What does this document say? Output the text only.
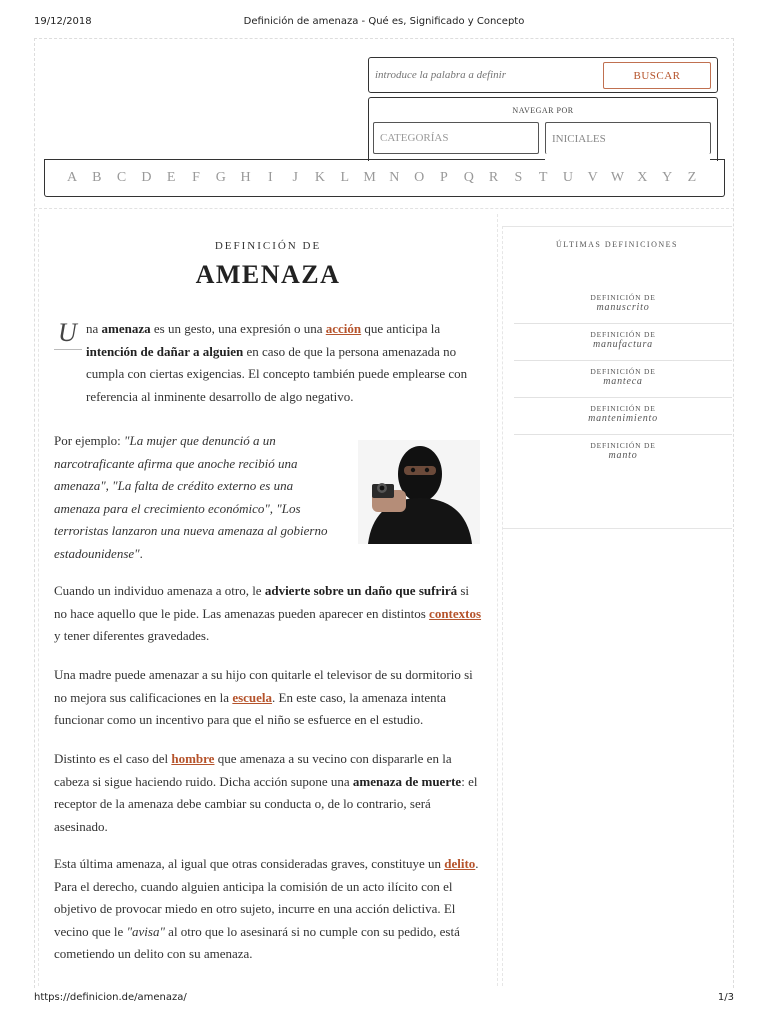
19/12/2018	Definición de amenaza - Qué es, Significado y Concepto
https://definicion.de/amenaza/	1/3
introduce la palabra a definir
BUSCAR
NAVEGAR POR
CATEGORÍAS	INICIALES
A	B	C	D	E	F	G	H	I	J	K	L	M N	O	P	Q	R	S	T	U	V W X	Y	Z
DEFINICIÓN DE
AMENAZA
U na amenaza es un gesto, una expresión o una acción que anticipa la
intención de dañar a alguien en caso de que la persona amenazada no cumpla con ciertas exigencias. El concepto también puede emplearse con referencia al inminente desarrollo de algo negativo.
Por ejemplo: "La mujer que denunció a un narcotraficante afirma que anoche recibió una amenaza", "La falta de crédito externo es una amenaza para el crecimiento económico", "Los terroristas lanzaron una nueva amenaza al gobierno estadounidense".
Cuando un individuo amenaza a otro, le advierte sobre un daño que sufrirá si no hace aquello que le pide. Las amenazas pueden aparecer en distintos contextos y tener diferentes gravedades.
Una madre puede amenazar a su hijo con quitarle el televisor de su dormitorio si no mejora sus calificaciones en la escuela. En este caso, la amenaza intenta funcionar como un incentivo para que el niño se esfuerce en el estudio.
Distinto es el caso del hombre que amenaza a su vecino con dispararle en la cabeza si sigue haciendo ruido. Dicha acción supone una amenaza de muerte: el receptor de la amenaza debe cambiar su conducta o, de lo contrario, será asesinado.
Esta última amenaza, al igual que otras consideradas graves, constituye un delito. Para el derecho, cuando alguien anticipa la comisión de un acto ilícito con el objetivo de provocar miedo en otro sujeto, incurre en una acción delictiva. El vecino que le "avisa" al otro que lo asesinará si no cumple con su pedido, está cometiendo un delito con su amenaza.
ÚLTIMAS DEFINICIONES
DEFINICIÓN DE
manuscrito
DEFINICIÓN DE
manufactura
DEFINICIÓN DE
manteca
DEFINICIÓN DE
mantenimiento
DEFINICIÓN DE
manto
